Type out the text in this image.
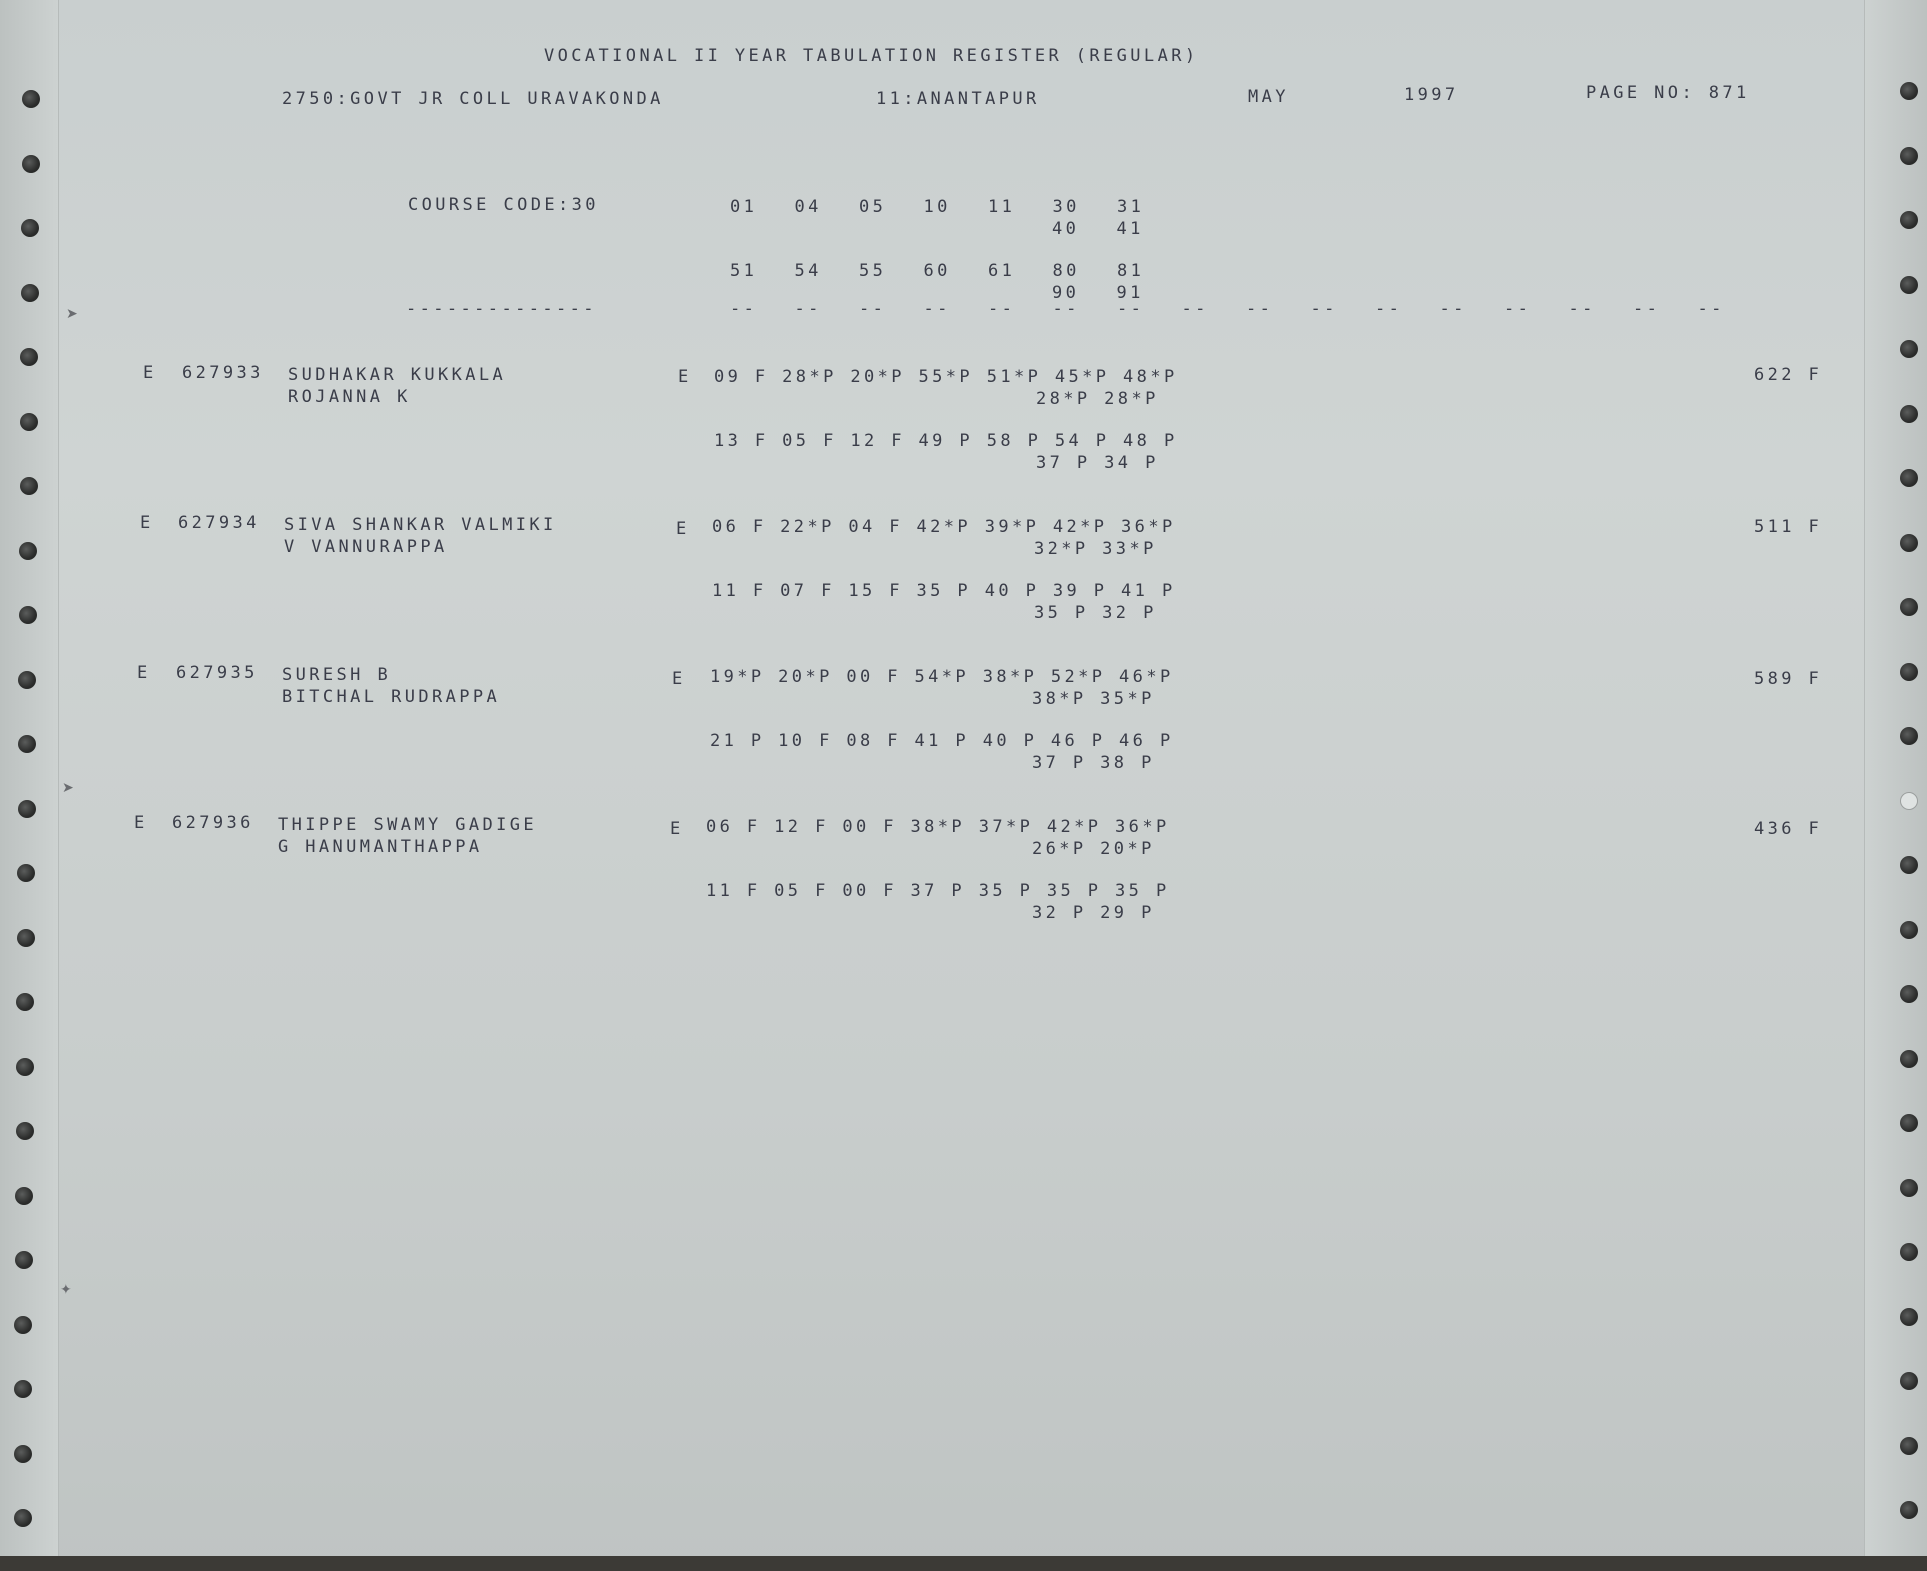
➤
➤
✦
VOCATIONAL II YEAR TABULATION REGISTER (REGULAR)
2750:GOVT JR COLL URAVAKONDA	11:ANANTAPUR	MAY	1997	PAGE NO: 871
COURSE CODE:30	01 04 05 10 11 30 31
40 41
51 54 55 60 61 80 81
90 91
--------------	-- -- -- -- -- -- -- -- -- -- -- -- -- -- -- --
E 627933 SUDHAKAR KUKKALA
ROJANNA K
E 09 F 28*P 20*P 55*P 51*P 45*P 48*P
28*P 28*P
13 F 05 F 12 F 49 P 58 P 54 P 48 P
37 P 34 P
622 F
E 627934 SIVA SHANKAR VALMIKI
V VANNURAPPA
E 06 F 22*P 04 F 42*P 39*P 42*P 36*P
32*P 33*P
11 F 07 F 15 F 35 P 40 P 39 P 41 P
35 P 32 P
511 F
E 627935 SURESH B
BITCHAL RUDRAPPA
E 19*P 20*P 00 F 54*P 38*P 52*P 46*P
38*P 35*P
21 P 10 F 08 F 41 P 40 P 46 P 46 P
37 P 38 P
589 F
E 627936 THIPPE SWAMY GADIGE
G HANUMANTHAPPA
E 06 F 12 F 00 F 38*P 37*P 42*P 36*P
26*P 20*P
11 F 05 F 00 F 37 P 35 P 35 P 35 P
32 P 29 P
436 F
